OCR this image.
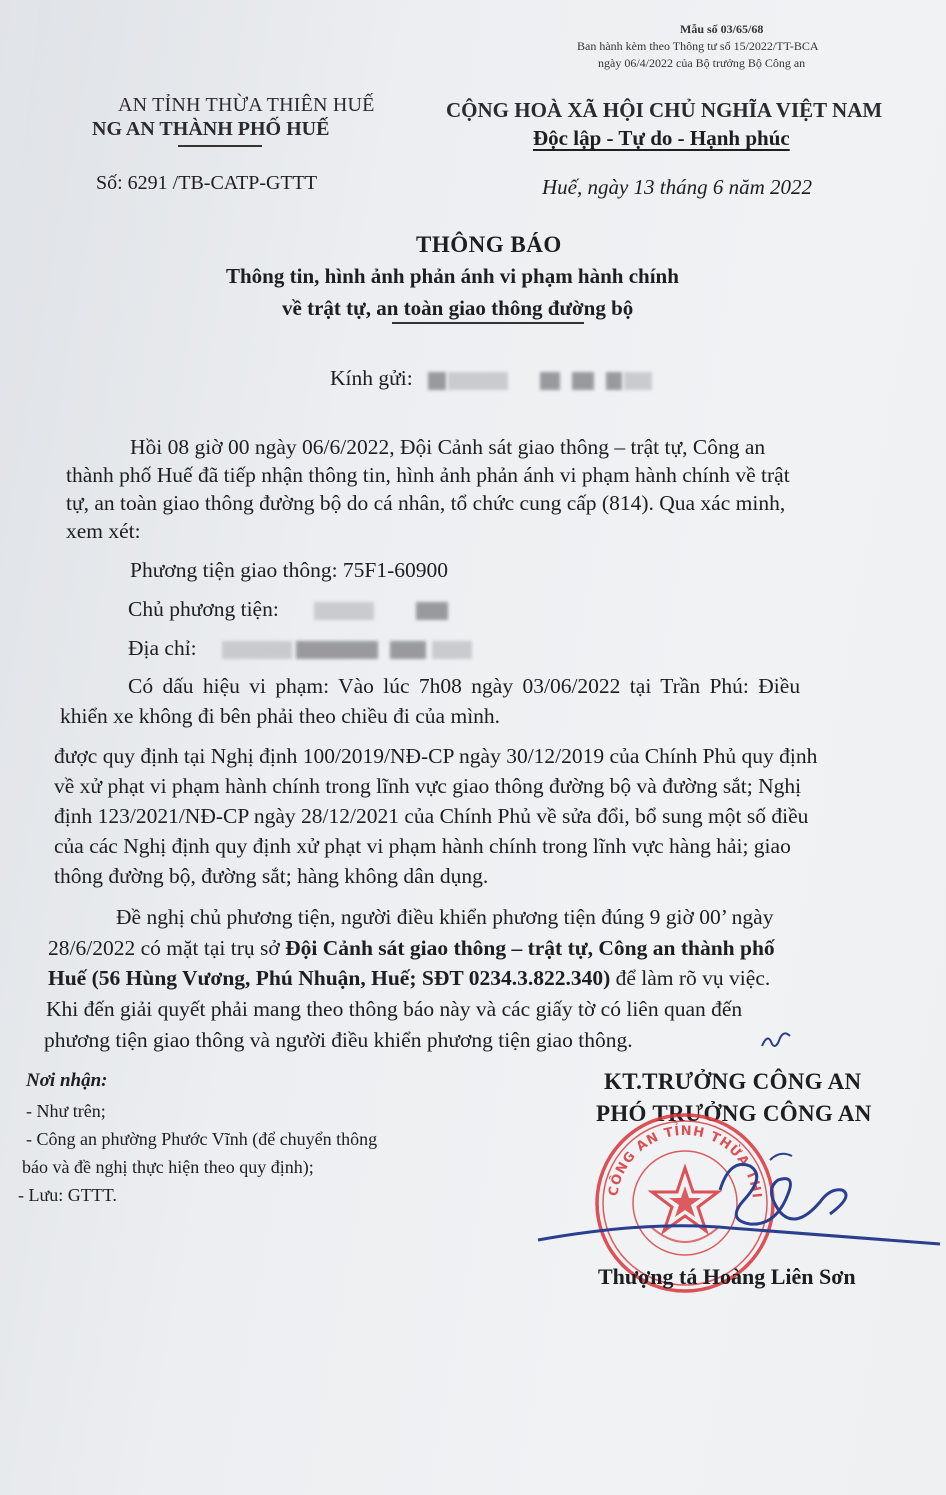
Mẫu số 03/65/68
Ban hành kèm theo Thông tư số 15/2022/TT-BCA
ngày 06/4/2022 của Bộ trưởng Bộ Công an
AN TỈNH THỪA THIÊN HUẾ
NG AN THÀNH PHỐ HUẾ
Số: 6291 /TB-CATP-GTTT
CỘNG HOÀ XÃ HỘI CHỦ NGHĨA VIỆT NAM
Độc lập - Tự do - Hạnh phúc
Huế, ngày 13 tháng 6 năm 2022
THÔNG BÁO
Thông tin, hình ảnh phản ánh vi phạm hành chính
về trật tự, an toàn giao thông đường bộ
Kính gửi:
Hồi 08 giờ 00 ngày 06/6/2022, Đội Cảnh sát giao thông – trật tự, Công an
thành phố Huế đã tiếp nhận thông tin, hình ảnh phản ánh vi phạm hành chính về trật
tự, an toàn giao thông đường bộ do cá nhân, tổ chức cung cấp (814). Qua xác minh,
xem xét:
Phương tiện giao thông: 75F1-60900
Chủ phương tiện:
Địa chỉ:
Có dấu hiệu vi phạm: Vào lúc 7h08 ngày 03/06/2022 tại Trần Phú: Điều
khiển xe không đi bên phải theo chiều đi của mình.
được quy định tại Nghị định 100/2019/NĐ-CP ngày 30/12/2019 của Chính Phủ quy định
về xử phạt vi phạm hành chính trong lĩnh vực giao thông đường bộ và đường sắt; Nghị
định 123/2021/NĐ-CP ngày 28/12/2021 của Chính Phủ về sửa đổi, bổ sung một số điều
của các Nghị định quy định xử phạt vi phạm hành chính trong lĩnh vực hàng hải; giao
thông đường bộ, đường sắt; hàng không dân dụng.
Đề nghị chủ phương tiện, người điều khiển phương tiện đúng 9 giờ 00’ ngày
28/6/2022 có mặt tại trụ sở Đội Cảnh sát giao thông – trật tự, Công an thành phố
Huế (56 Hùng Vương, Phú Nhuận, Huế; SĐT 0234.3.822.340) để làm rõ vụ việc.
Khi đến giải quyết phải mang theo thông báo này và các giấy tờ có liên quan đến
phương tiện giao thông và người điều khiển phương tiện giao thông.
Nơi nhận:
- Như trên;
- Công an phường Phước Vĩnh (để chuyển thông
báo và đề nghị thực hiện theo quy định);
- Lưu: GTTT.
KT.TRƯỞNG CÔNG AN
PHÓ TRƯỞNG CÔNG AN
CÔNG AN TỈNH THỪA THI
Thượng tá Hoàng Liên Sơn
